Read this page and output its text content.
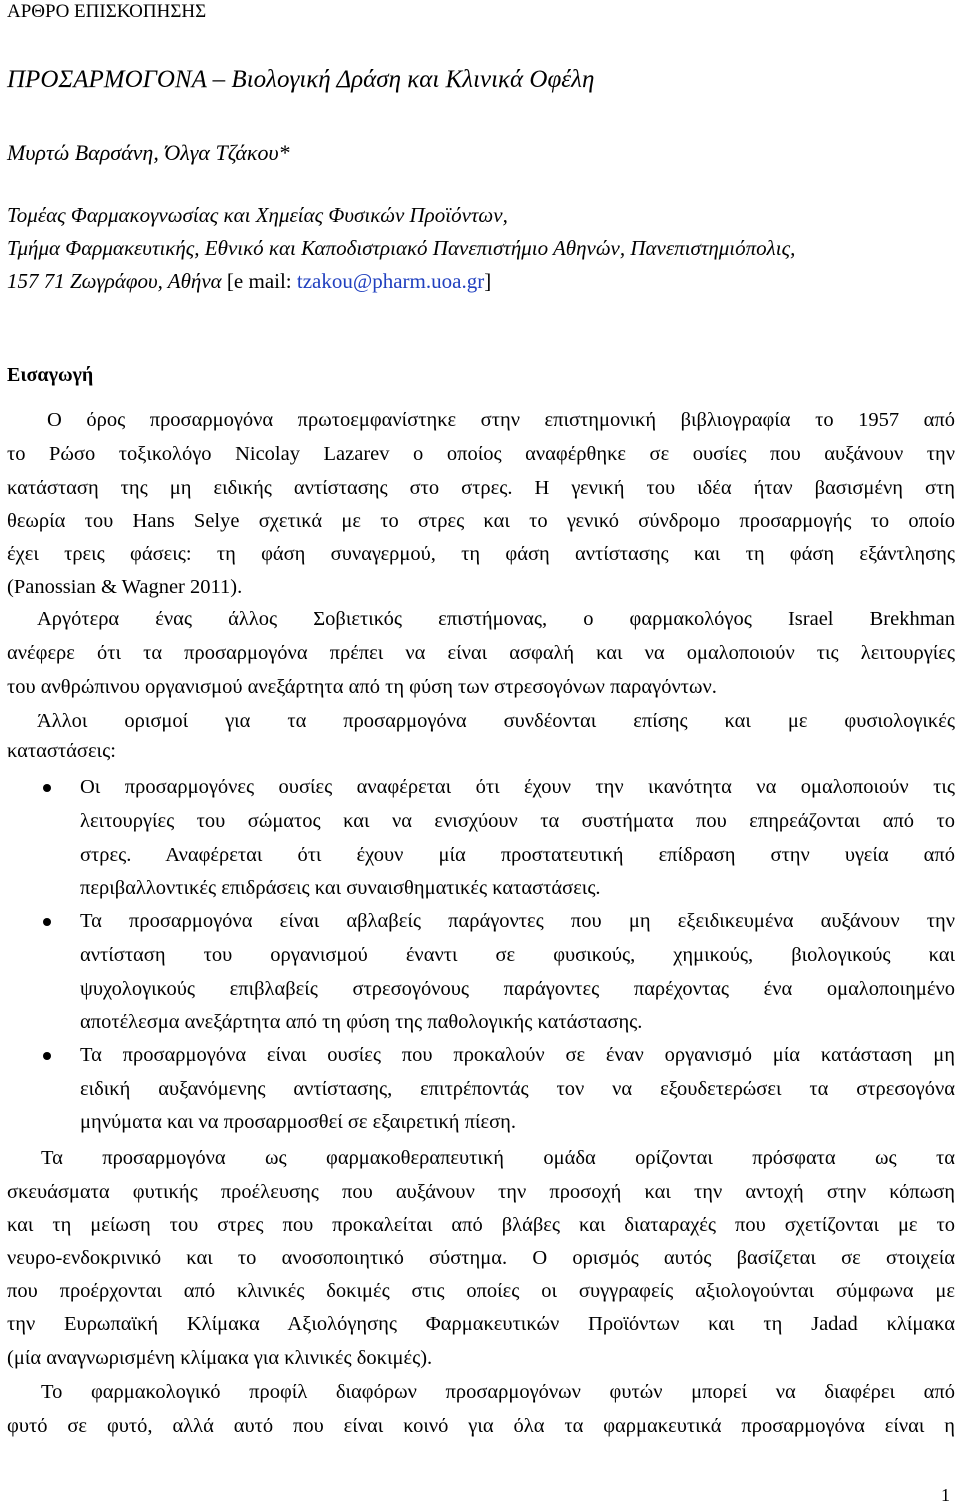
ΑΡΘΡΟ ΕΠΙΣΚΟΠΗΣΗΣ

ΠΡΟΣΑΡΜΟΓΟΝΑ – Βιολογική Δράση και Κλινικά Οφέλη

Μυρτώ Βαρσάνη, Όλγα Τζάκου*

Τομέας Φαρμακογνωσίας και Χημείας Φυσικών Προϊόντων,

Τμήμα Φαρμακευτικής, Εθνικό και Καποδιστριακό Πανεπιστήμιο Αθηνών, Πανεπιστημιόπολις,

157 71 Ζωγράφου, Αθήνα [e mail: tzakou@pharm.uoa.gr]

Εισαγωγή

Ο όρος προσαρμογόνα πρωτοεμφανίστηκε στην επιστημονική βιβλιογραφία το 1957 από

το Ρώσο τοξικολόγο Nicolay Lazarev ο οποίος αναφέρθηκε σε ουσίες που αυξάνουν την

κατάσταση της μη ειδικής αντίστασης στο στρες. Η γενική του ιδέα ήταν βασισμένη στη

θεωρία του Hans Selye σχετικά με το στρες και το γενικό σύνδρομο προσαρμογής το οποίο

έχει τρεις φάσεις: τη φάση συναγερμού, τη φάση αντίστασης και τη φάση εξάντλησης

(Panossian & Wagner 2011).

Αργότερα ένας άλλος Σοβιετικός επιστήμονας, ο φαρμακολόγος Israel Brekhman

ανέφερε ότι τα προσαρμογόνα πρέπει να είναι ασφαλή και να ομαλοποιούν τις λειτουργίες

του ανθρώπινου οργανισμού ανεξάρτητα από τη φύση των στρεσογόνων παραγόντων.

Άλλοι ορισμοί για τα προσαρμογόνα συνδέονται επίσης και με φυσιολογικές

καταστάσεις:

Οι προσαρμογόνες ουσίες αναφέρεται ότι έχουν την ικανότητα να ομαλοποιούν τις

λειτουργίες του σώματος και να ενισχύουν τα συστήματα που επηρεάζονται από το

στρες. Αναφέρεται ότι έχουν μία προστατευτική επίδραση στην υγεία από

περιβαλλοντικές επιδράσεις και συναισθηματικές καταστάσεις.

Τα προσαρμογόνα είναι αβλαβείς παράγοντες που μη εξειδικευμένα αυξάνουν την

αντίσταση του οργανισμού έναντι σε φυσικούς, χημικούς, βιολογικούς και

ψυχολογικούς επιβλαβείς στρεσογόνους παράγοντες παρέχοντας ένα ομαλοποιημένο

αποτέλεσμα ανεξάρτητα από τη φύση της παθολογικής κατάστασης.

Τα προσαρμογόνα είναι ουσίες που προκαλούν σε έναν οργανισμό μία κατάσταση μη

ειδική αυξανόμενης αντίστασης, επιτρέποντάς τον να εξουδετερώσει τα στρεσογόνα

μηνύματα και να προσαρμοσθεί σε εξαιρετική πίεση.

Τα προσαρμογόνα ως φαρμακοθεραπευτική ομάδα ορίζονται πρόσφατα ως τα

σκευάσματα φυτικής προέλευσης που αυξάνουν την προσοχή και την αντοχή στην κόπωση

και τη μείωση του στρες που προκαλείται από βλάβες και διαταραχές που σχετίζονται με το

νευρο-ενδοκρινικό και το ανοσοποιητικό σύστημα. Ο ορισμός αυτός βασίζεται σε στοιχεία

που προέρχονται από κλινικές δοκιμές στις οποίες οι συγγραφείς αξιολογούνται σύμφωνα με

την Ευρωπαϊκή Κλίμακα Αξιολόγησης Φαρμακευτικών Προϊόντων και τη Jadad κλίμακα

(μία αναγνωρισμένη κλίμακα για κλινικές δοκιμές).

Το φαρμακολογικό προφίλ διαφόρων προσαρμογόνων φυτών μπορεί να διαφέρει από

φυτό σε φυτό, αλλά αυτό που είναι κοινό για όλα τα φαρμακευτικά προσαρμογόνα είναι η

1
